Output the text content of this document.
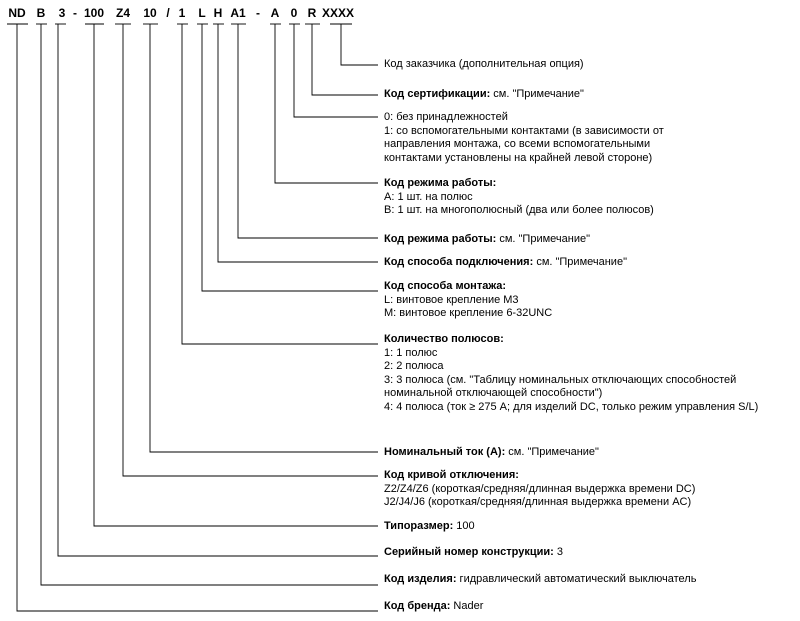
ND B 3 - 100 Z4 10 / 1 L H A1 - A 0 R XXXX
Код заказчика (дополнительная опция)
Код сертификации: см. "Примечание"
0: без принадлежностей
1: со вспомогательными контактами (в зависимости от
направления монтажа, со всеми вспомогательными
контактами установлены на крайней левой стороне)
Код режима работы:
A: 1 шт. на полюс
B: 1 шт. на многополюсный (два или более полюсов)
Код режима работы: см. "Примечание"
Код способа подключения: см. "Примечание"
Код способа монтажа:
L: винтовое крепление M3
M: винтовое крепление 6-32UNC
Количество полюсов:
1: 1 полюс
2: 2 полюса
3: 3 полюса (см. "Таблицу номинальных отключающих способностей
номинальной отключающей способности")
4: 4 полюса (ток ≥ 275 A; для изделий DC, только режим управления S/L)
Номинальный ток (A): см. "Примечание"
Код кривой отключения:
Z2/Z4/Z6 (короткая/средняя/длинная выдержка времени DC)
J2/J4/J6 (короткая/средняя/длинная выдержка времени AC)
Типоразмер: 100
Серийный номер конструкции: 3
Код изделия: гидравлический автоматический выключатель
Код бренда: Nader
